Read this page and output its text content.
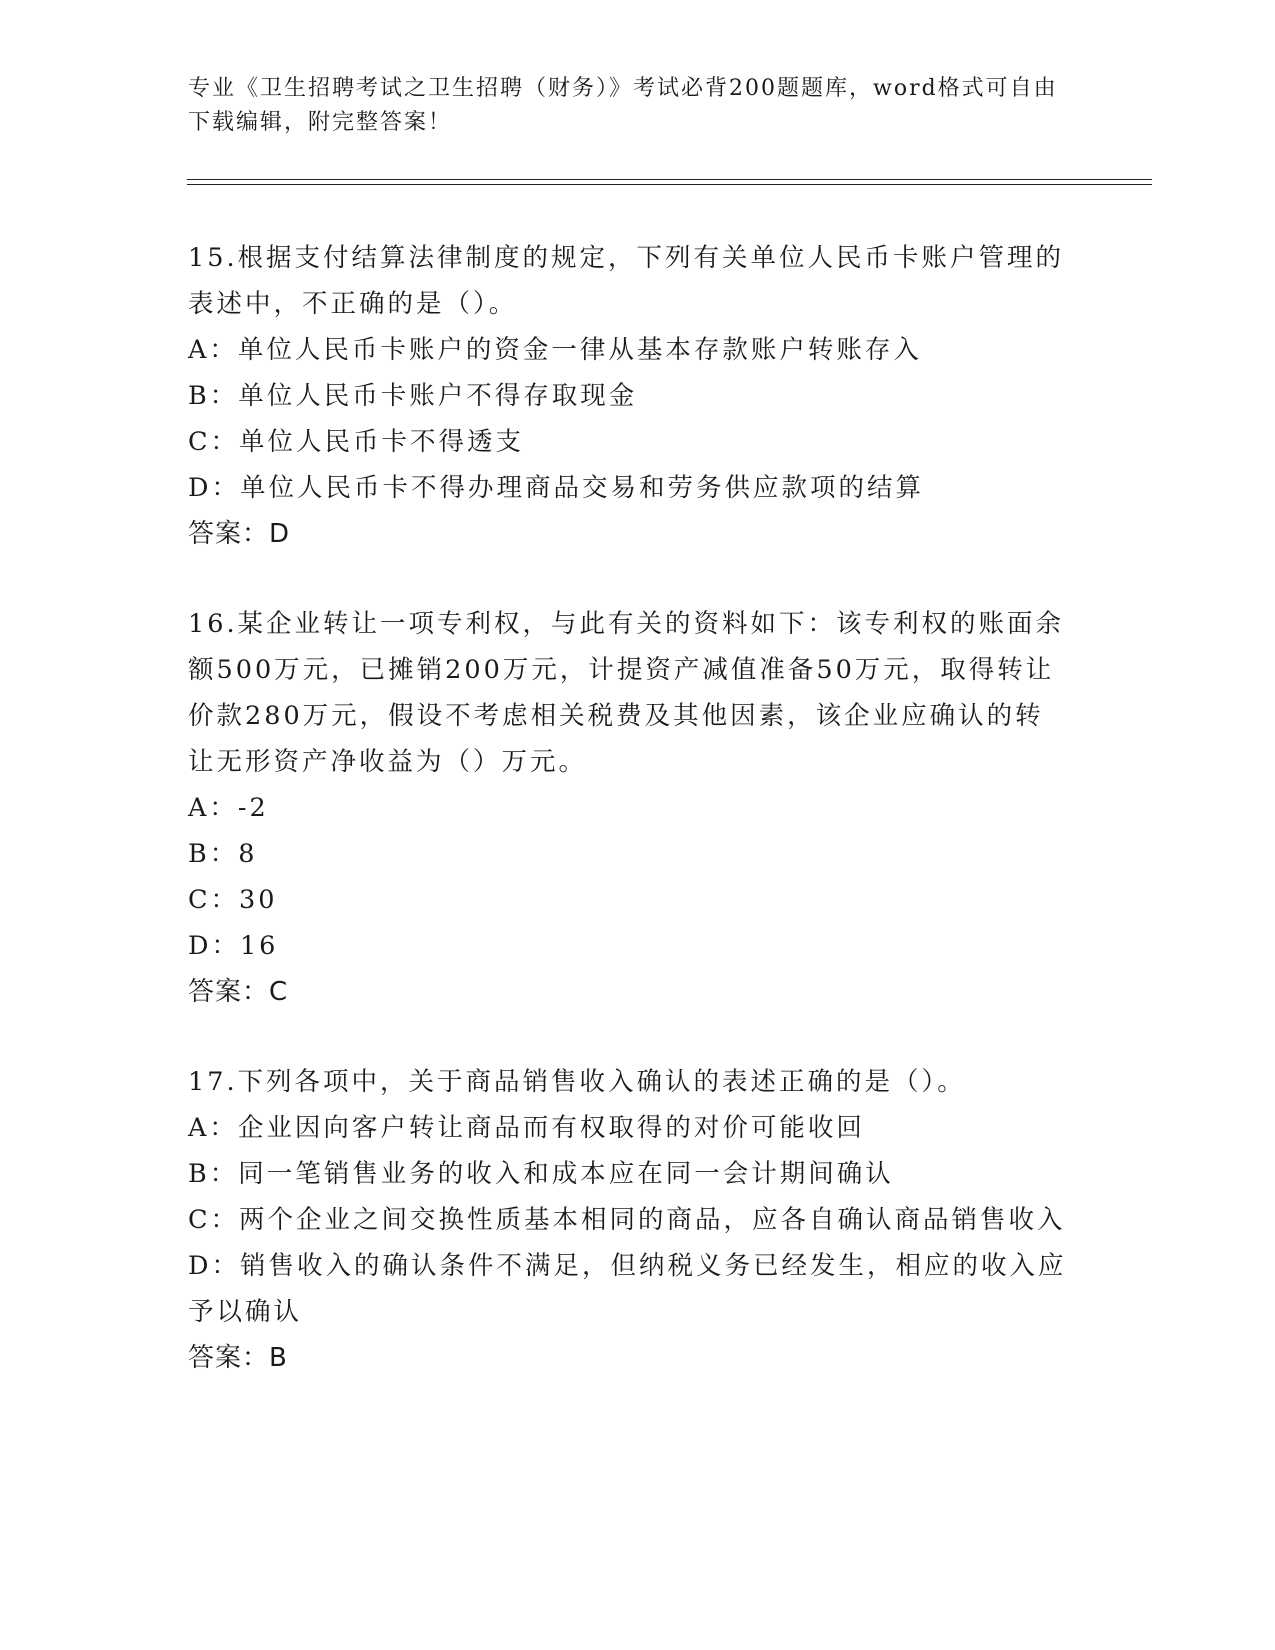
专业《卫生招聘考试之卫生招聘（财务）》考试必背200题题库，word格式可自由下载编辑，附完整答案！
15.根据支付结算法律制度的规定，下列有关单位人民币卡账户管理的表述中，不正确的是（）。
A：单位人民币卡账户的资金一律从基本存款账户转账存入
B：单位人民币卡账户不得存取现金
C：单位人民币卡不得透支
D：单位人民币卡不得办理商品交易和劳务供应款项的结算
答案：D
16.某企业转让一项专利权，与此有关的资料如下：该专利权的账面余额500万元，已摊销200万元，计提资产减值准备50万元，取得转让价款280万元，假设不考虑相关税费及其他因素，该企业应确认的转让无形资产净收益为（）万元。
A：-2
B：8
C：30
D：16
答案：C
17.下列各项中，关于商品销售收入确认的表述正确的是（）。
A：企业因向客户转让商品而有权取得的对价可能收回
B：同一笔销售业务的收入和成本应在同一会计期间确认
C：两个企业之间交换性质基本相同的商品，应各自确认商品销售收入
D：销售收入的确认条件不满足，但纳税义务已经发生，相应的收入应予以确认
答案：B
